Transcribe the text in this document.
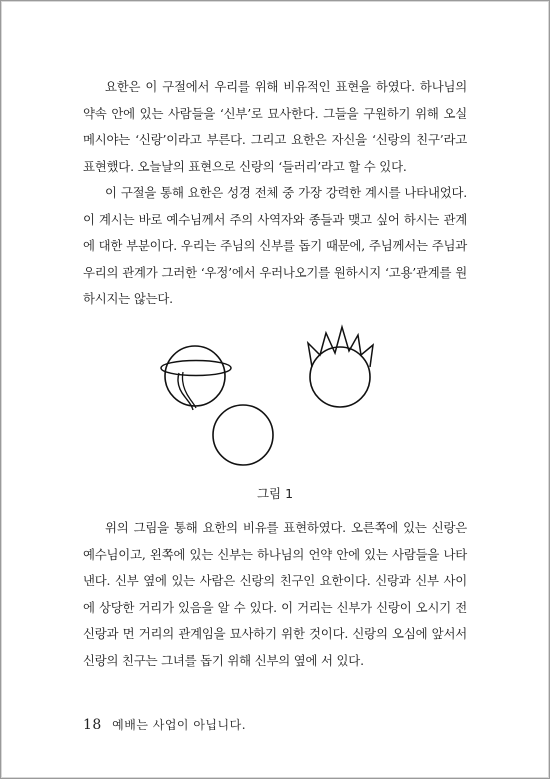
요한은 이 구절에서 우리를 위해 비유적인 표현을 하였다. 하나님의 약속 안에 있는 사람들을 ‘신부’로 묘사한다. 그들을 구원하기 위해 오실 메시야는 ‘신랑’이라고 부른다. 그리고 요한은 자신을 ‘신랑의 친구’라고 표현했다. 오늘날의 표현으로 신랑의 ‘들러리’라고 할 수 있다.

이 구절을 통해 요한은 성경 전체 중 가장 강력한 계시를 나타내었다. 이 계시는 바로 예수님께서 주의 사역자와 종들과 맺고 싶어 하시는 관계에 대한 부분이다. 우리는 주님의 신부를 돕기 때문에, 주님께서는 주님과 우리의 관계가 그러한 ‘우정’에서 우러나오기를 원하시지 ‘고용’관계를 원하시지는 않는다.

그림 1

위의 그림을 통해 요한의 비유를 표현하였다. 오른쪽에 있는 신랑은 예수님이고, 왼쪽에 있는 신부는 하나님의 언약 안에 있는 사람들을 나타낸다. 신부 옆에 있는 사람은 신랑의 친구인 요한이다. 신랑과 신부 사이에 상당한 거리가 있음을 알 수 있다. 이 거리는 신부가 신랑이 오시기 전 신랑과 먼 거리의 관계임을 묘사하기 위한 것이다. 신랑의 오심에 앞서서 신랑의 친구는 그녀를 돕기 위해 신부의 옆에 서 있다.

18 예배는 사업이 아닙니다.
